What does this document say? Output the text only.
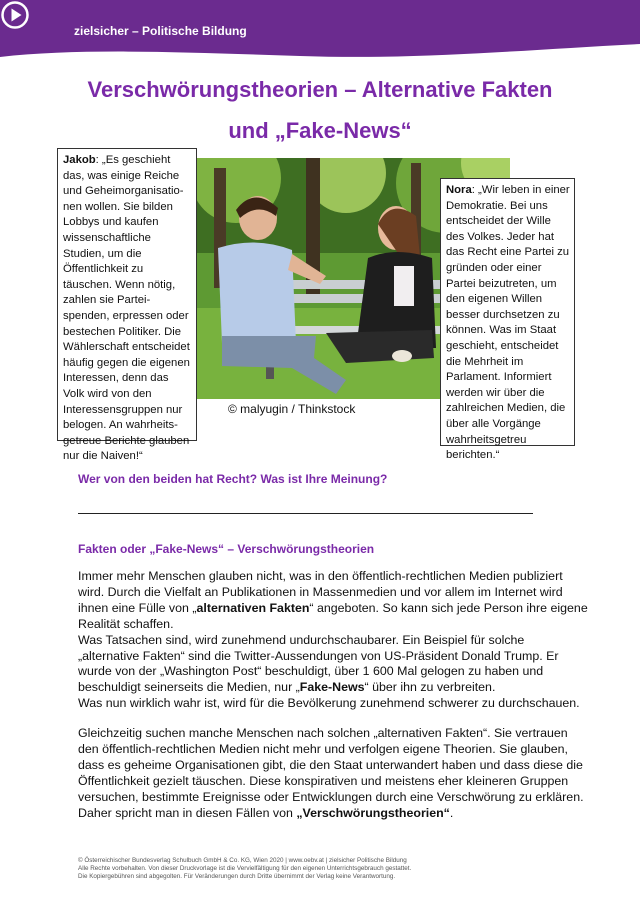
zielsicher – Politische Bildung
Verschwörungstheorien – Alternative Fakten
und „Fake-News“
© malyugin / Thinkstock
Jakob: „Es geschieht
das, was einige Reiche
und Geheimorganisatio-
nen wollen. Sie bilden
Lobbys und kaufen
wissenschaftliche
Studien, um die
Öffentlichkeit zu
täuschen. Wenn nötig,
zahlen sie Partei-
spenden, erpressen oder
bestechen Politiker. Die
Wählerschaft entscheidet
häufig gegen die eigenen
Interessen, denn das
Volk wird von den
Interessensgruppen nur
belogen. An wahrheits-
getreue Berichte glauben
nur die Naiven!“
Nora: „Wir leben in einer
Demokratie. Bei uns
entscheidet der Wille
des Volkes. Jeder hat
das Recht eine Partei zu
gründen oder einer
Partei beizutreten, um
den eigenen Willen
besser durchsetzen zu
können. Was im Staat
geschieht, entscheidet
die Mehrheit im
Parlament. Informiert
werden wir über die
zahlreichen Medien, die
über alle Vorgänge
wahrheitsgetreu
berichten.“
Wer von den beiden hat Recht? Was ist Ihre Meinung?
Fakten oder „Fake-News“ – Verschwörungstheorien
Immer mehr Menschen glauben nicht, was in den öffentlich-rechtlichen Medien publiziert
wird. Durch die Vielfalt an Publikationen in Massenmedien und vor allem im Internet wird
ihnen eine Fülle von „alternativen Fakten“ angeboten. So kann sich jede Person ihre eigene
Realität schaffen.
Was Tatsachen sind, wird zunehmend undurchschaubarer. Ein Beispiel für solche
„alternative Fakten“ sind die Twitter-Aussendungen von US-Präsident Donald Trump. Er
wurde von der „Washington Post“ beschuldigt, über 1 600 Mal gelogen zu haben und
beschuldigt seinerseits die Medien, nur „Fake-News“ über ihn zu verbreiten.
Was nun wirklich wahr ist, wird für die Bevölkerung zunehmend schwerer zu durchschauen.
Gleichzeitig suchen manche Menschen nach solchen „alternativen Fakten“. Sie vertrauen
den öffentlich-rechtlichen Medien nicht mehr und verfolgen eigene Theorien. Sie glauben,
dass es geheime Organisationen gibt, die den Staat unterwandert haben und dass diese die
Öffentlichkeit gezielt täuschen. Diese konspirativen und meistens eher kleineren Gruppen
versuchen, bestimmte Ereignisse oder Entwicklungen durch eine Verschwörung zu erklären.
Daher spricht man in diesen Fällen von „Verschwörungstheorien“.
© Österreichischer Bundesverlag Schulbuch GmbH & Co. KG, Wien 2020 | www.oebv.at | zielsicher Politische Bildung
Alle Rechte vorbehalten. Von dieser Druckvorlage ist die Vervielfältigung für den eigenen Unterrichtsgebrauch gestattet.
Die Kopiergebühren sind abgegolten. Für Veränderungen durch Dritte übernimmt der Verlag keine Verantwortung.
